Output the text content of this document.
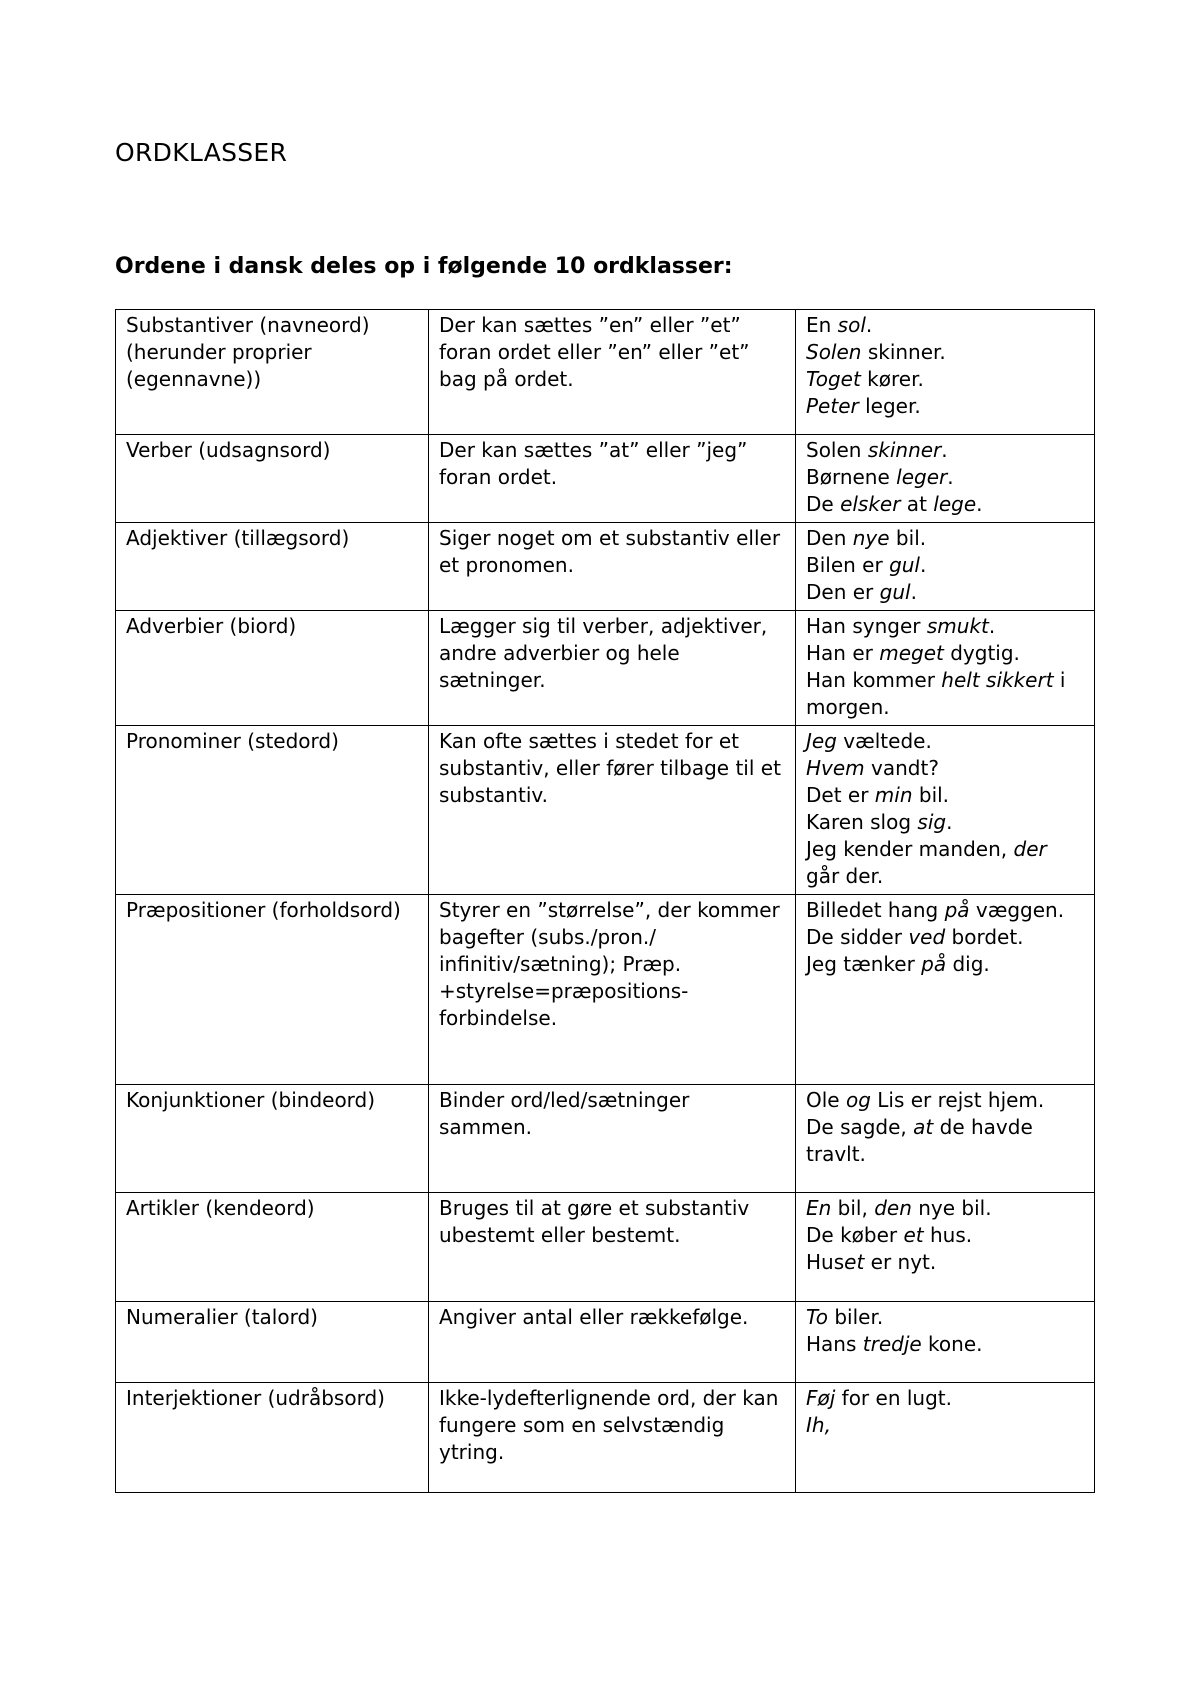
ORDKLASSER
Ordene i dansk deles op i følgende 10 ordklasser:
Substantiver (navneord) (herunder proprier (egennavne))	Der kan sættes ”en” eller ”et” foran ordet eller ”en” eller ”et” bag på ordet.	En sol.
Solen skinner.
Toget kører.
Peter leger.

Verber (udsagnsord)	Der kan sættes ”at” eller ”jeg” foran ordet.	Solen skinner.
Børnene leger.
De elsker at lege.

Adjektiver (tillægsord)	Siger noget om et substantiv eller et pronomen.	Den nye bil.
Bilen er gul.
Den er gul.

Adverbier (biord)	Lægger sig til verber, adjektiver, andre adverbier og hele sætninger.	Han synger smukt.
Han er meget dygtig.
Han kommer helt sikkert i morgen.

Pronominer (stedord)	Kan ofte sættes i stedet for et substantiv, eller fører tilbage til et substantiv.	Jeg væltede.
Hvem vandt?
Det er min bil.
Karen slog sig.
Jeg kender manden, der går der.

Præpositioner (forholdsord)	Styrer en ”størrelse”, der kommer bagefter (subs./pron./ infinitiv/sætning); Præp. +styrelse=præpositions-forbindelse.	Billedet hang på væggen.
De sidder ved bordet.
Jeg tænker på dig.

Konjunktioner (bindeord)	Binder ord/led/sætninger sammen.	Ole og Lis er rejst hjem.
De sagde, at de havde travlt.

Artikler (kendeord)	Bruges til at gøre et substantiv ubestemt eller bestemt.	En bil, den nye bil.
De køber et hus.
Huset er nyt.

Numeralier (talord)	Angiver antal eller rækkefølge.	To biler.
Hans tredje kone.

Interjektioner (udråbsord)	Ikke-lydefterlignende ord, der kan fungere som en selvstændig ytring.	Føj for en lugt.
Ih,
